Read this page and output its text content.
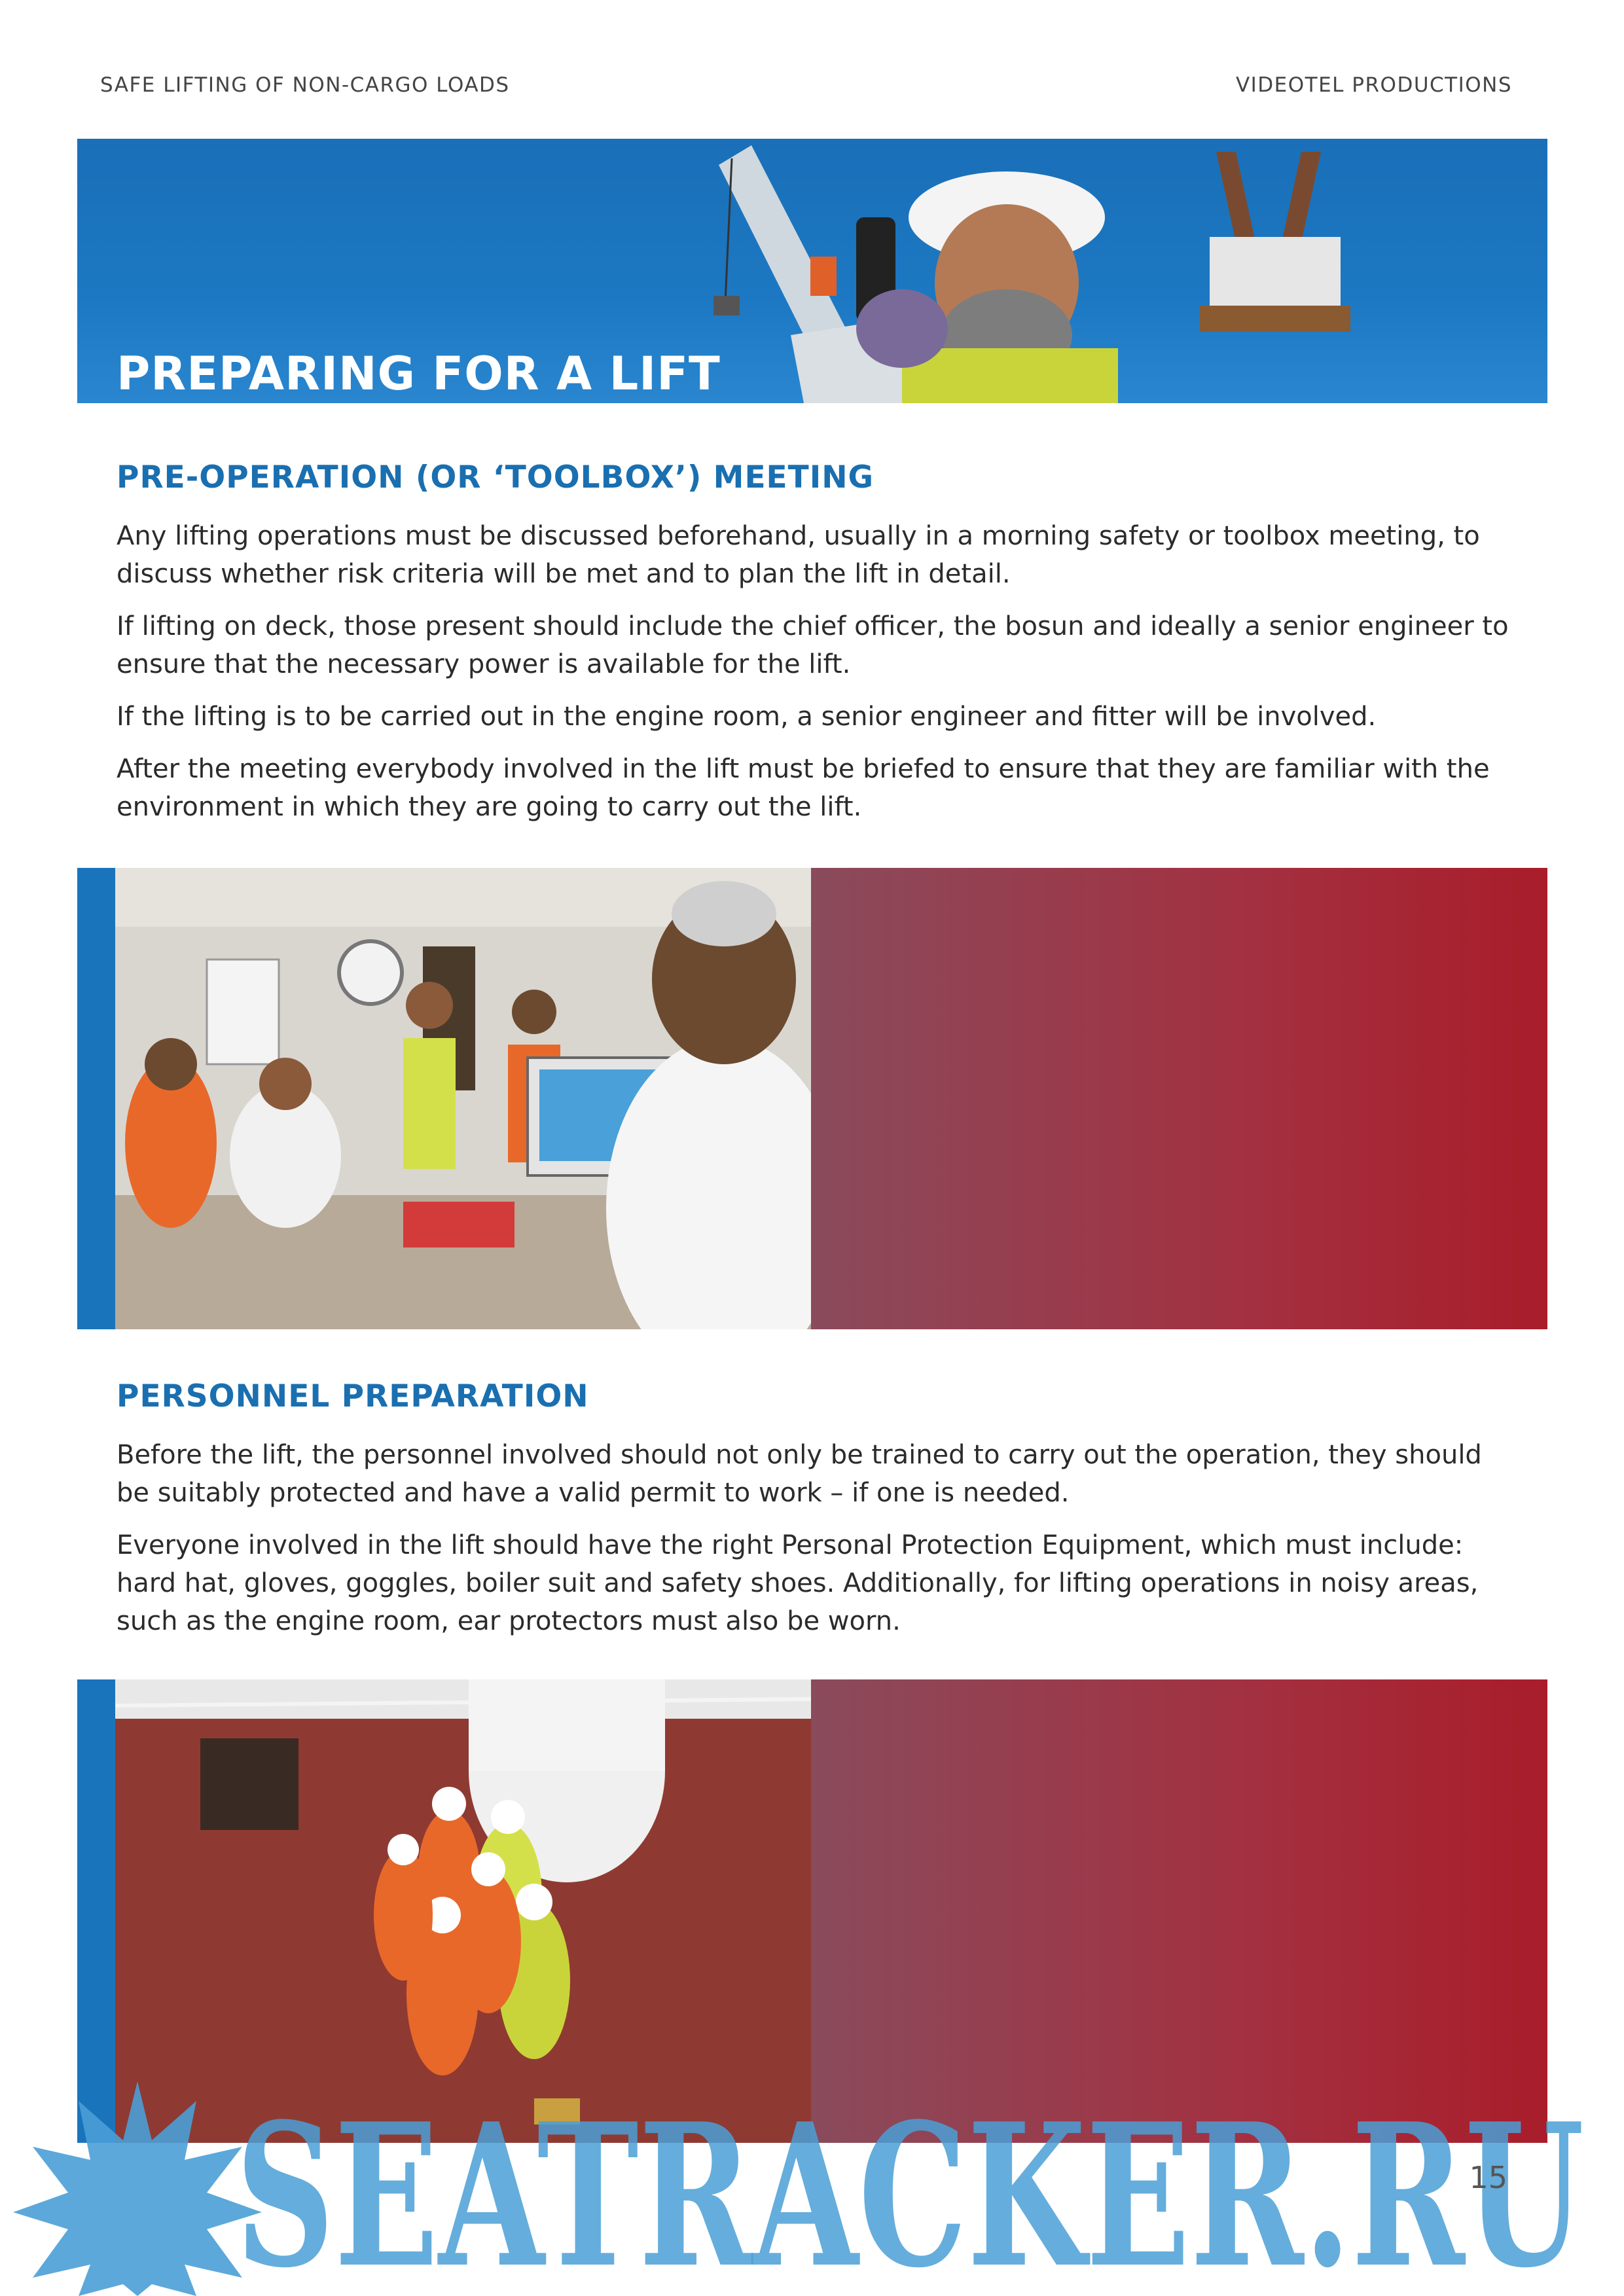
SAFE LIFTING OF NON-CARGO LOADS	VIDEOTEL PRODUCTIONS
PREPARING FOR A LIFT
PRE-OPERATION (OR ‘TOOLBOX’) MEETING
Any lifting operations must be discussed beforehand, usually in a morning safety or toolbox meeting, to discuss whether risk criteria will be met and to plan the lift in detail.
If lifting on deck, those present should include the chief officer, the bosun and ideally a senior engineer to ensure that the necessary power is available for the lift.
If the lifting is to be carried out in the engine room, a senior engineer and fitter will be involved.
After the meeting everybody involved in the lift must be briefed to ensure that they are familiar with the environment in which they are going to carry out the lift.
PERSONNEL PREPARATION
Before the lift, the personnel involved should not only be trained to carry out the operation, they should be suitably protected and have a valid permit to work – if one is needed.
Everyone involved in the lift should have the right Personal Protection Equipment, which must include: hard hat, gloves, goggles, boiler suit and safety shoes. Additionally, for lifting operations in noisy areas, such as the engine room, ear protectors must also be worn.
SEATRACKER.RU
15
